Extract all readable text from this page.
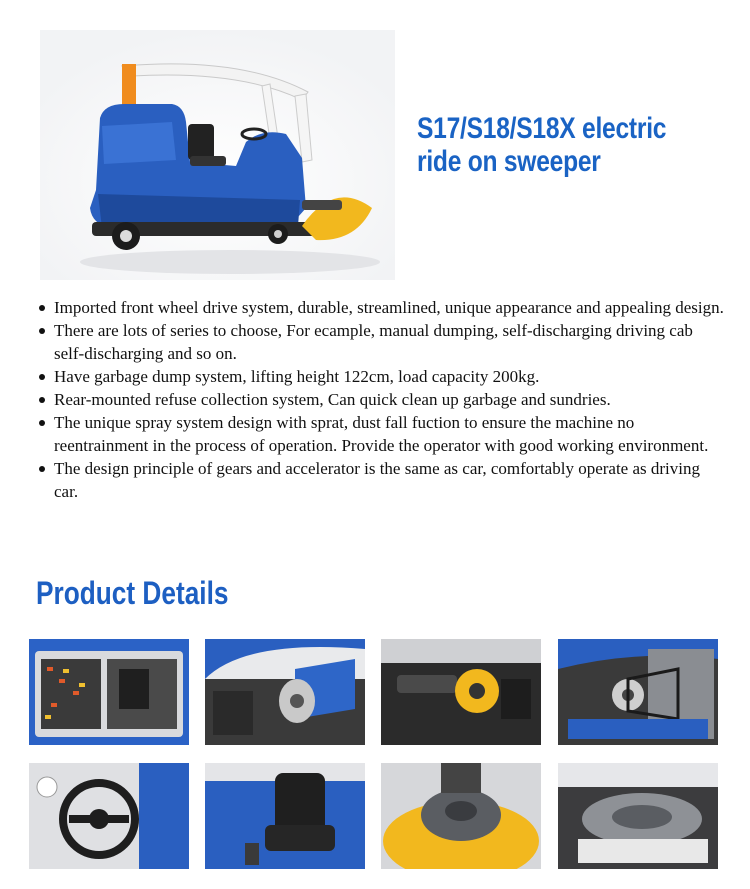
S17/S18/S18X electric
ride on sweeper
Imported front wheel drive system, durable, streamlined, unique appearance and appealing design.
There are lots of series to choose, For ecample, manual dumping, self-discharging driving cab self-discharging and so on.
Have garbage dump system, lifting height 122cm, load capacity 200kg.
Rear-mounted refuse collection system, Can quick clean up garbage and sundries.
The unique spray system design with sprat, dust fall fuction to ensure the machine no reentrainment in the process of operation. Provide the operator with good working environment.
The design principle of gears and accelerator is the same as car, comfortably operate as driving car.
Product Details
